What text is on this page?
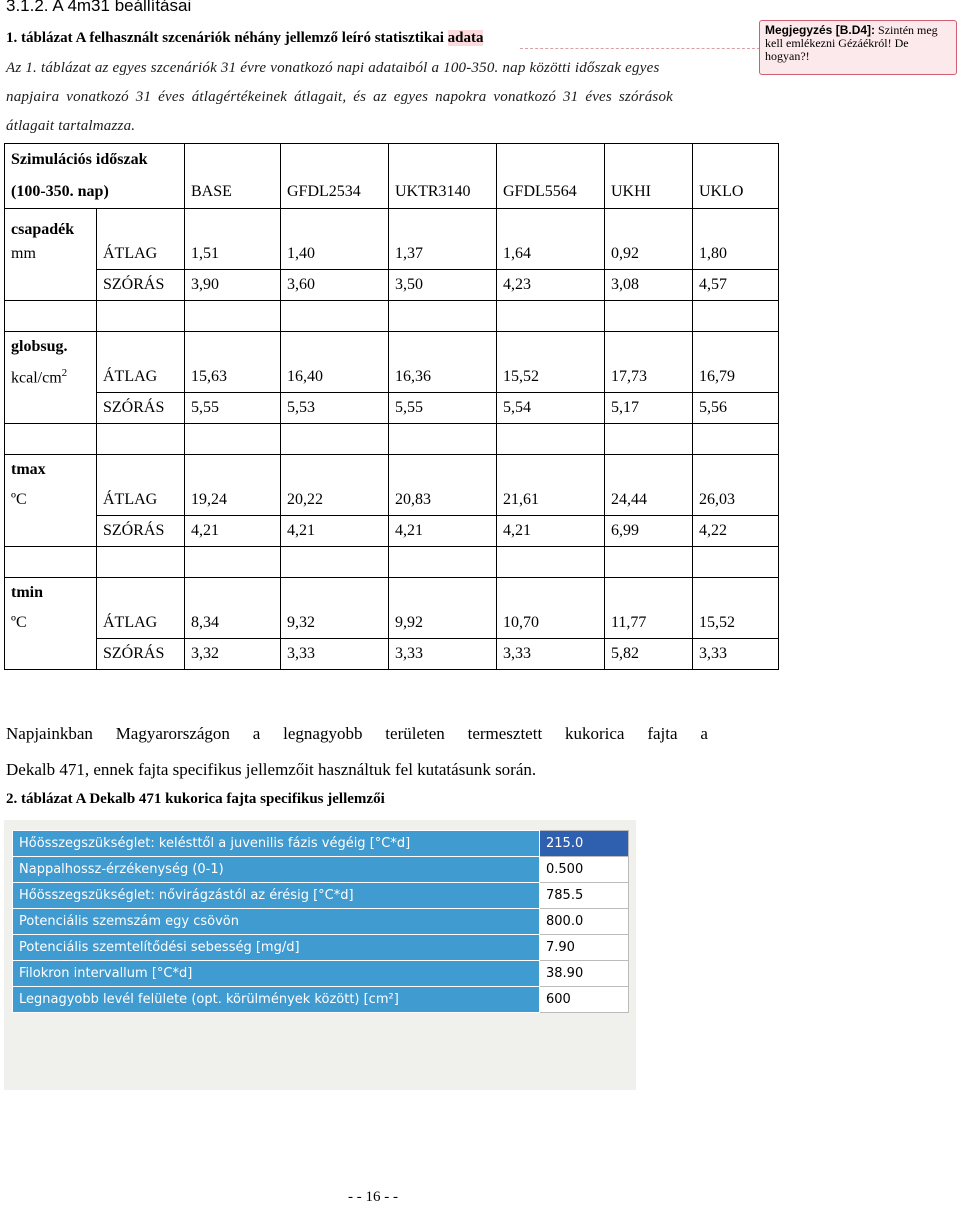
3.1.2. A 4m31 beállításai
1. táblázat A felhasznált szcenáriók néhány jellemző leíró statisztikai adata	Megjegyzés [B.D4]: Szintén meg kell emlékezni Gézáékról! De hogyan?!
Az 1. táblázat az egyes szcenáriók 31 évre vonatkozó napi adataiból a 100-350. nap közötti időszak egyes
napjaira vonatkozó 31 éves átlagértékeinek átlagait, és az egyes napokra vonatkozó 31 éves szórások
átlagait tartalmazza.
Szimulációs időszak							
(100-350. nap)		BASE	GFDL2534	UKTR3140	GFDL5564	UKHI	UKLO
csapadék							
mm	ÁTLAG	1,51	1,40	1,37	1,64	0,92	1,80
	SZÓRÁS	3,90	3,60	3,50	4,23	3,08	4,57

globsug.							
kcal/$cm^2$	ÁTLAG	15,63	16,40	16,36	15,52	17,73	16,79
	SZÓRÁS	5,55	5,53	5,55	5,54	5,17	5,56

tmax							
ºC	ÁTLAG	19,24	20,22	20,83	21,61	24,44	26,03
	SZÓRÁS	4,21	4,21	4,21	4,21	6,99	4,22

tmin							
ºC	ÁTLAG	8,34	9,32	9,92	10,70	11,77	15,52
	SZÓRÁS	3,32	3,33	3,33	3,33	5,82	3,33
Napjainkban Magyarországon a legnagyobb területen termesztett kukorica fajta a
Dekalb 471, ennek fajta specifikus jellemzőit használtuk fel kutatásunk során.
2. táblázat A Dekalb 471 kukorica fajta specifikus jellemzői
Hőösszegszükséglet: kelésttől a juvenilis fázis végéig [°C*d]	215.0
Nappalhossz-érzékenység (0-1)	0.500
Hőösszegszükséglet: nővirágzástól az érésig [°C*d]	785.5
Potenciális szemszám egy csövön	800.0
Potenciális szemtelítődési sebesség [mg/d]	7.90
Filokron intervallum [°C*d]	38.90
Legnagyobb levél felülete (opt. körülmények között) [cm²]	600
- - 16 - -
